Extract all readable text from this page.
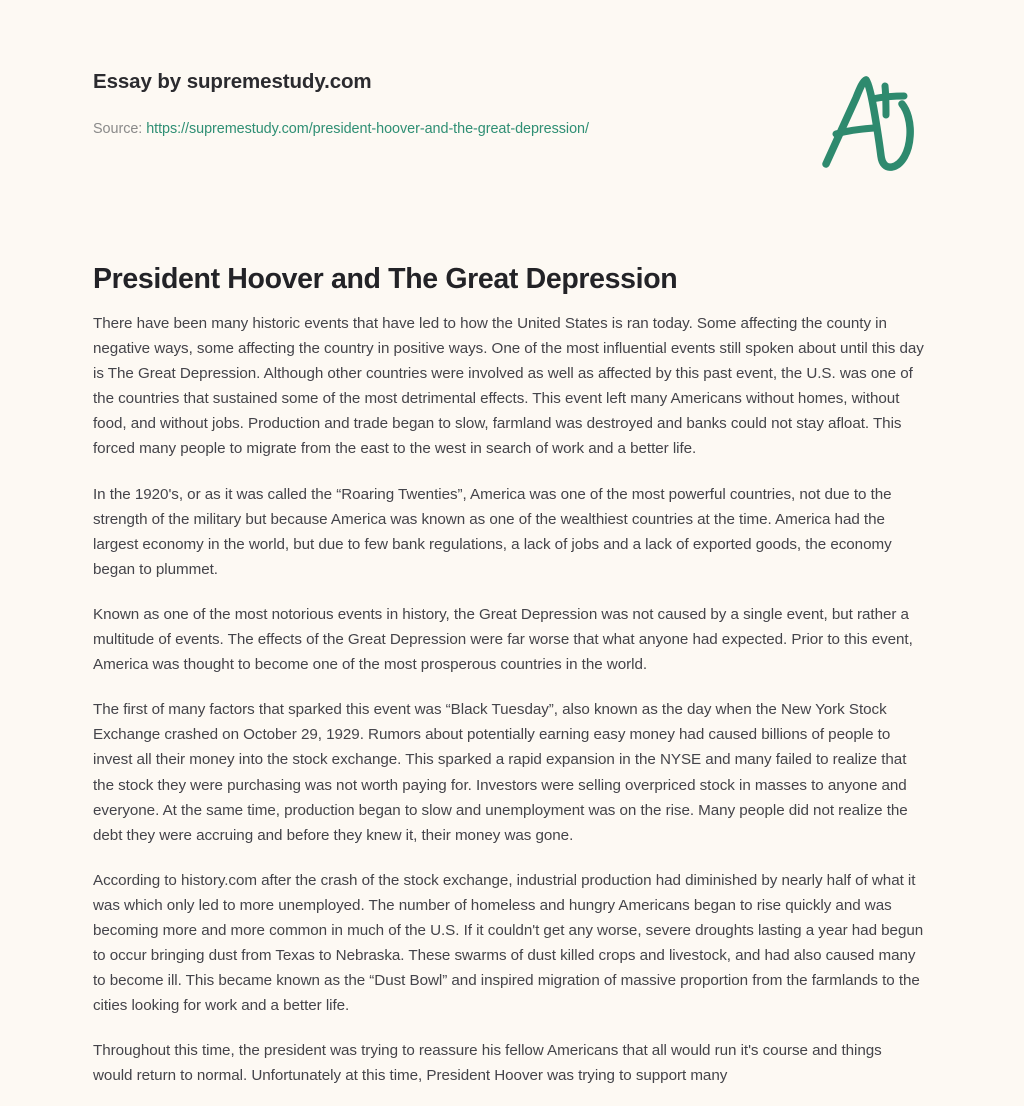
Essay by supremestudy.com
Source: https://supremestudy.com/president-hoover-and-the-great-depression/
President Hoover and The Great Depression

There have been many historic events that have led to how the United States is ran today. Some affecting the county in negative ways, some affecting the country in positive ways. One of the most influential events still spoken about until this day is The Great Depression. Although other countries were involved as well as affected by this past event, the U.S. was one of the countries that sustained some of the most detrimental effects. This event left many Americans without homes, without food, and without jobs. Production and trade began to slow, farmland was destroyed and banks could not stay afloat. This forced many people to migrate from the east to the west in search of work and a better life.

In the 1920's, or as it was called the “Roaring Twenties”, America was one of the most powerful countries, not due to the strength of the military but because America was known as one of the wealthiest countries at the time. America had the largest economy in the world, but due to few bank regulations, a lack of jobs and a lack of exported goods, the economy began to plummet.

Known as one of the most notorious events in history, the Great Depression was not caused by a single event, but rather a multitude of events. The effects of the Great Depression were far worse that what anyone had expected. Prior to this event, America was thought to become one of the most prosperous countries in the world.

The first of many factors that sparked this event was “Black Tuesday”, also known as the day when the New York Stock Exchange crashed on October 29, 1929. Rumors about potentially earning easy money had caused billions of people to invest all their money into the stock exchange. This sparked a rapid expansion in the NYSE and many failed to realize that the stock they were purchasing was not worth paying for. Investors were selling overpriced stock in masses to anyone and everyone. At the same time, production began to slow and unemployment was on the rise. Many people did not realize the debt they were accruing and before they knew it, their money was gone.

According to history.com after the crash of the stock exchange, industrial production had diminished by nearly half of what it was which only led to more unemployed. The number of homeless and hungry Americans began to rise quickly and was becoming more and more common in much of the U.S. If it couldn't get any worse, severe droughts lasting a year had begun to occur bringing dust from Texas to Nebraska. These swarms of dust killed crops and livestock, and had also caused many to become ill. This became known as the “Dust Bowl” and inspired migration of massive proportion from the farmlands to the cities looking for work and a better life.

Throughout this time, the president was trying to reassure his fellow Americans that all would run it's course and things would return to normal. Unfortunately at this time, President Hoover was trying to support many
